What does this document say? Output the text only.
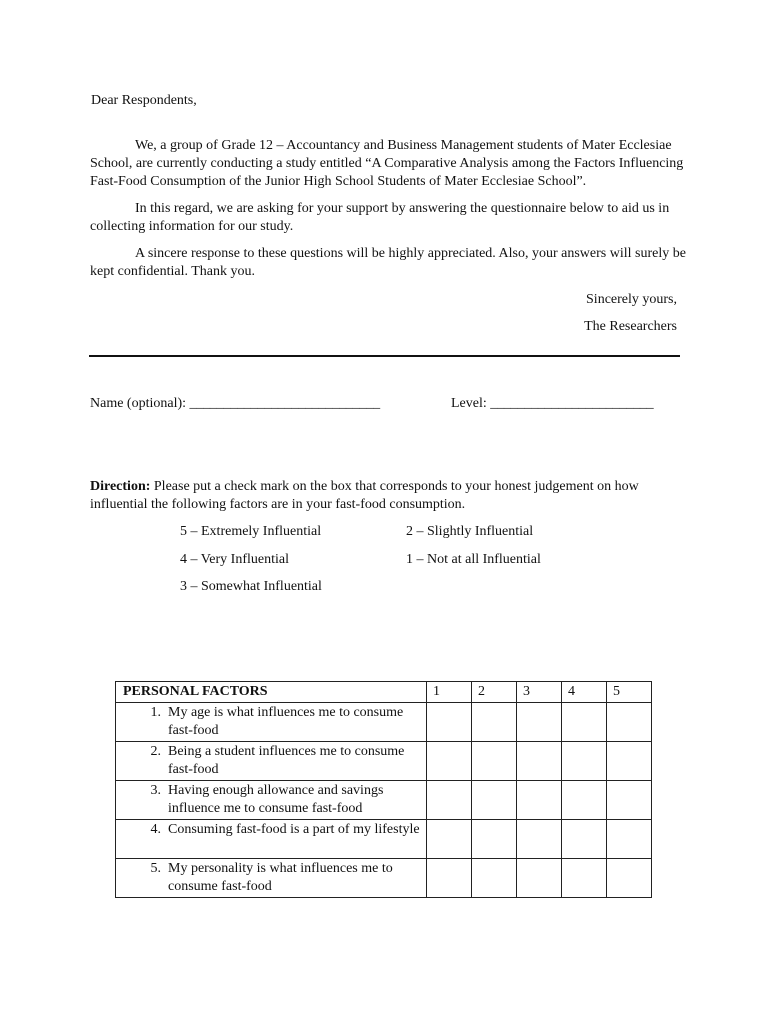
Dear Respondents,

We, a group of Grade 12 – Accountancy and Business Management students of Mater Ecclesiae School, are currently conducting a study entitled “A Comparative Analysis among the Factors Influencing Fast-Food Consumption of the Junior High School Students of Mater Ecclesiae School”.

In this regard, we are asking for your support by answering the questionnaire below to aid us in collecting information for our study.

A sincere response to these questions will be highly appreciated. Also, your answers will surely be kept confidential. Thank you.

Sincerely yours,

The Researchers

Name (optional): ____________________________	Level: ________________________

Direction: Please put a check mark on the box that corresponds to your honest judgement on how influential the following factors are in your fast-food consumption.

5 – Extremely Influential

4 – Very Influential

3 – Somewhat Influential

2 – Slightly Influential

1 – Not at all Influential

PERSONAL FACTORS	1	2	3	4	5

1. My age is what influences me to consume fast-food					

2. Being a student influences me to consume fast-food					

3. Having enough allowance and savings influence me to consume fast-food					

4. Consuming fast-food is a part of my lifestyle					

5. My personality is what influences me to consume fast-food					
